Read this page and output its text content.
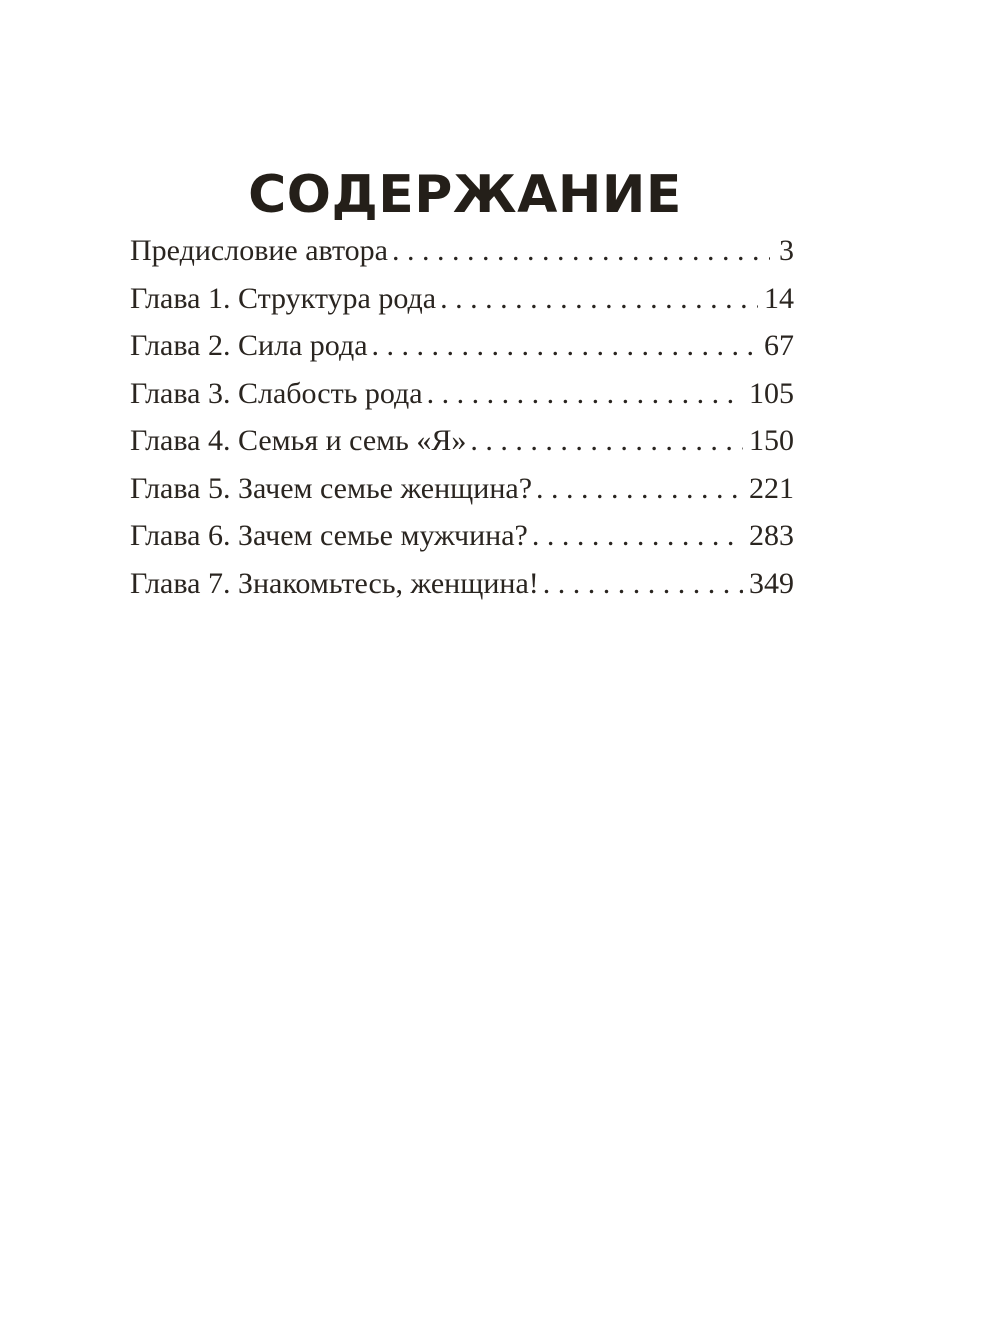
СОДЕРЖАНИЕ
Предисловие автора . . .	3
Глава 1. Структура рода . . .	14
Глава 2. Сила рода . . .	67
Глава 3. Слабость рода . . .	105
Глава 4. Семья и семь «Я» . . .	150
Глава 5. Зачем семье женщина? . . .	221
Глава 6. Зачем семье мужчина? . . .	283
Глава 7. Знакомьтесь, женщина! . . .	349
